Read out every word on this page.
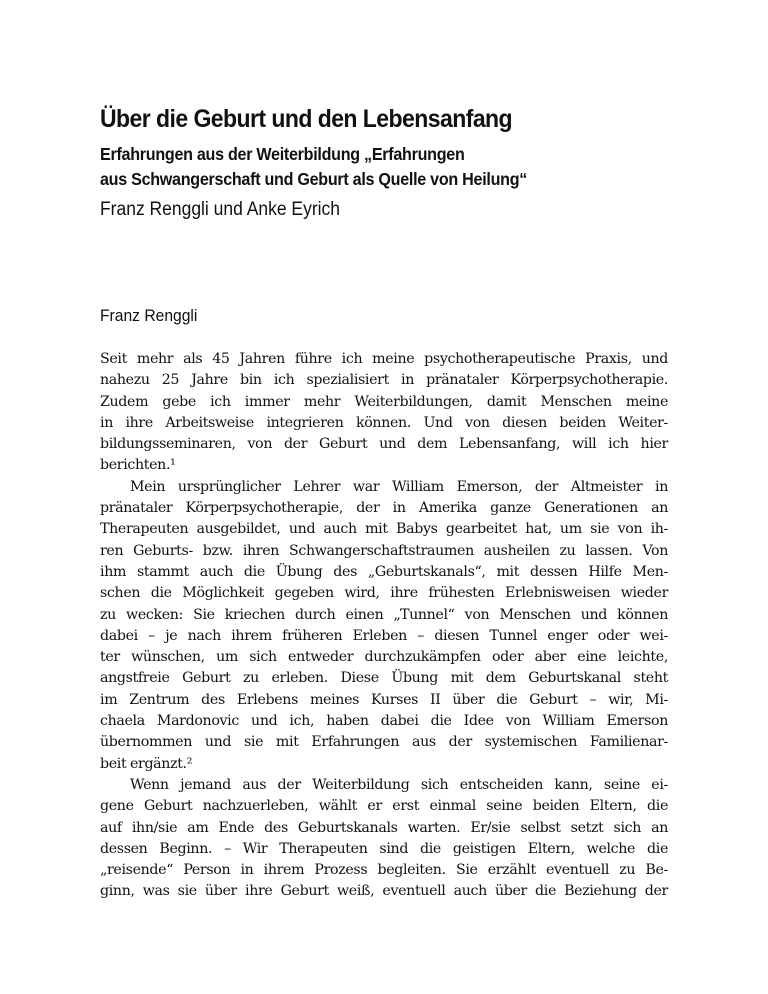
Über die Geburt und den Lebensanfang
Erfahrungen aus der Weiterbildung „Erfahrungen
aus Schwangerschaft und Geburt als Quelle von Heilung“
Franz Renggli und Anke Eyrich
Franz Renggli
Seit mehr als 45 Jahren führe ich meine psychotherapeutische Praxis, und
nahezu 25 Jahre bin ich spezialisiert in pränataler Körperpsychotherapie.
Zudem gebe ich immer mehr Weiterbildungen, damit Menschen meine
in ihre Arbeitsweise integrieren können. Und von diesen beiden Weiter-
bildungsseminaren, von der Geburt und dem Lebensanfang, will ich hier
berichten.¹
Mein ursprünglicher Lehrer war William Emerson, der Altmeister in
pränataler Körperpsychotherapie, der in Amerika ganze Generationen an
Therapeuten ausgebildet, und auch mit Babys gearbeitet hat, um sie von ih-
ren Geburts- bzw. ihren Schwangerschaftstraumen ausheilen zu lassen. Von
ihm stammt auch die Übung des „Geburtskanals“, mit dessen Hilfe Men-
schen die Möglichkeit gegeben wird, ihre frühesten Erlebnisweisen wieder
zu wecken: Sie kriechen durch einen „Tunnel“ von Menschen und können
dabei – je nach ihrem früheren Erleben – diesen Tunnel enger oder wei-
ter wünschen, um sich entweder durchzukämpfen oder aber eine leichte,
angstfreie Geburt zu erleben. Diese Übung mit dem Geburtskanal steht
im Zentrum des Erlebens meines Kurses II über die Geburt – wir, Mi-
chaela Mardonovic und ich, haben dabei die Idee von William Emerson
übernommen und sie mit Erfahrungen aus der systemischen Familienar-
beit ergänzt.²
Wenn jemand aus der Weiterbildung sich entscheiden kann, seine ei-
gene Geburt nachzuerleben, wählt er erst einmal seine beiden Eltern, die
auf ihn/sie am Ende des Geburtskanals warten. Er/sie selbst setzt sich an
dessen Beginn. – Wir Therapeuten sind die geistigen Eltern, welche die
„reisende“ Person in ihrem Prozess begleiten. Sie erzählt eventuell zu Be-
ginn, was sie über ihre Geburt weiß, eventuell auch über die Beziehung der
